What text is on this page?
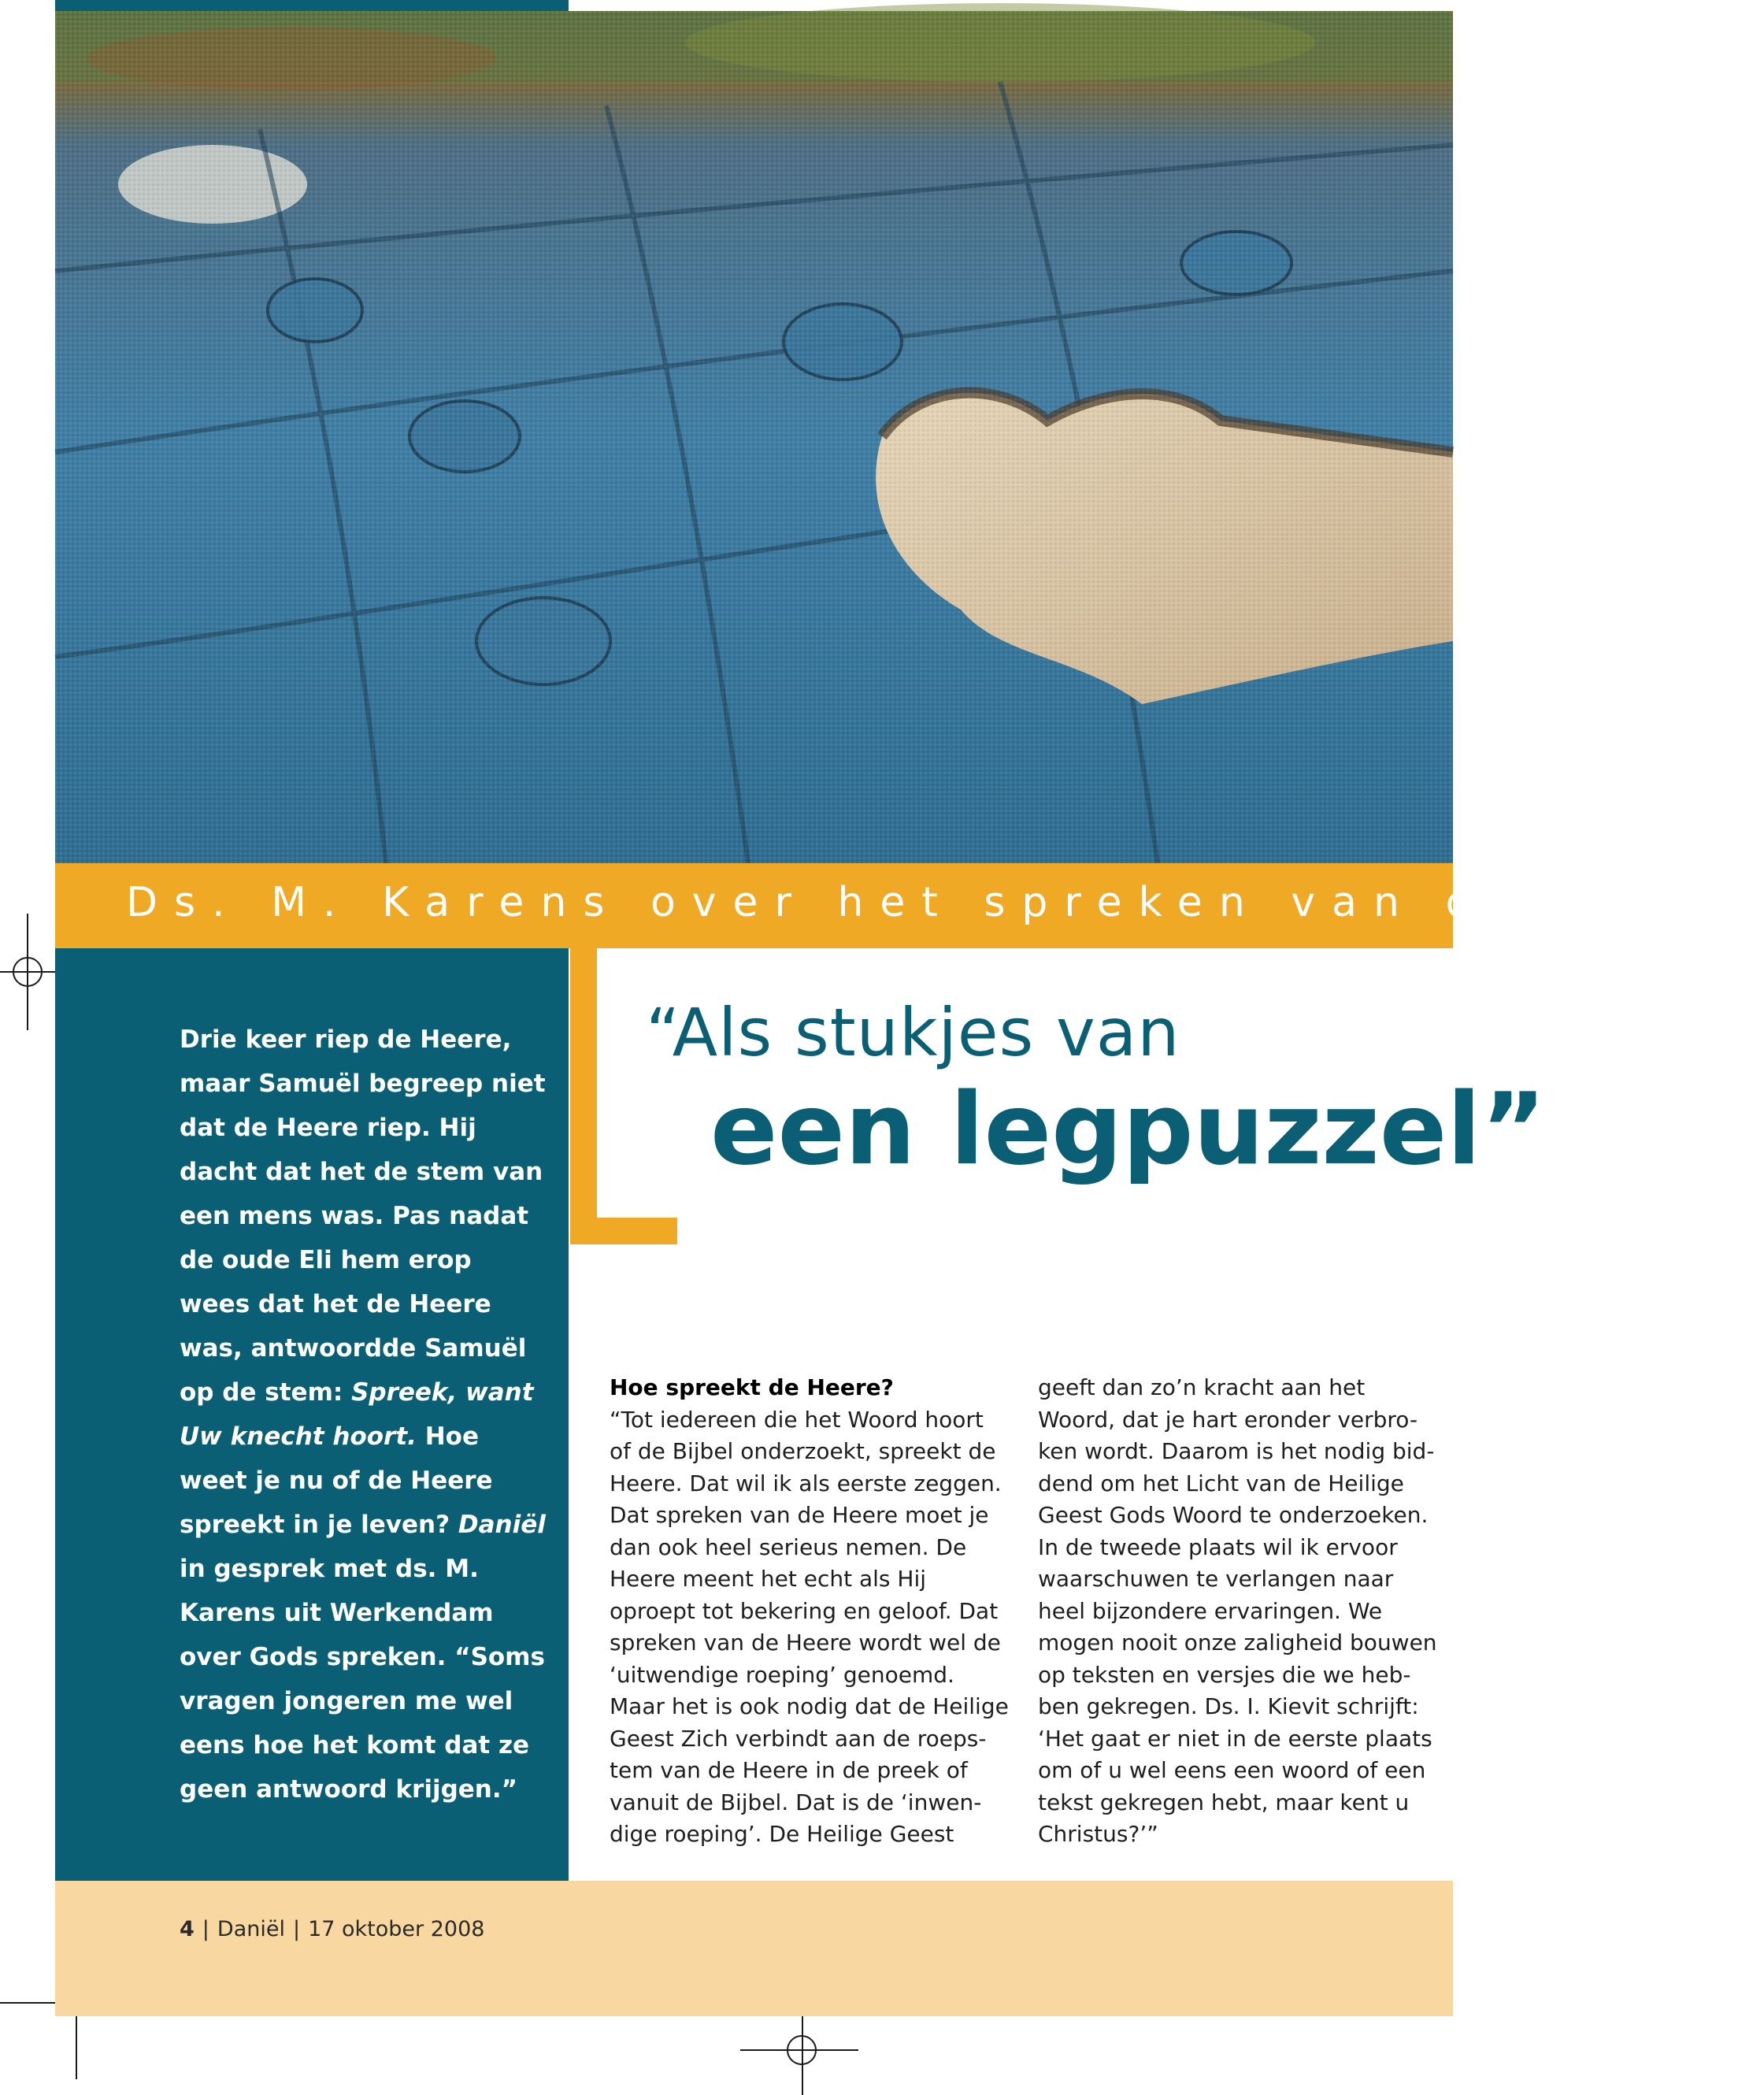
Ds. M. Karens over het spreken van de Heere
Drie keer riep de Heere, maar Samuël begreep niet dat de Heere riep. Hij dacht dat het de stem van een mens was. Pas nadat de oude Eli hem erop wees dat het de Heere was, antwoordde Samuël op de stem: Spreek, want Uw knecht hoort. Hoe weet je nu of de Heere spreekt in je leven? Daniël in gesprek met ds. M. Karens uit Werkendam over Gods spreken. “Soms vragen jongeren me wel eens hoe het komt dat ze geen antwoord krijgen.”
“Als stukjes van
een legpuzzel”
Hoe spreekt de Heere?
“Tot iedereen die het Woord hoort
of de Bijbel onderzoekt, spreekt de
Heere. Dat wil ik als eerste zeggen.
Dat spreken van de Heere moet je
dan ook heel serieus nemen. De
Heere meent het echt als Hij
oproept tot bekering en geloof. Dat
spreken van de Heere wordt wel de
‘uitwendige roeping’ genoemd.
Maar het is ook nodig dat de Heilige
Geest Zich verbindt aan de roeps-
tem van de Heere in de preek of
vanuit de Bijbel. Dat is de ‘inwen-
dige roeping’. De Heilige Geest
geeft dan zo’n kracht aan het
Woord, dat je hart eronder verbro-
ken wordt. Daarom is het nodig bid-
dend om het Licht van de Heilige
Geest Gods Woord te onderzoeken.
In de tweede plaats wil ik ervoor
waarschuwen te verlangen naar
heel bijzondere ervaringen. We
mogen nooit onze zaligheid bouwen
op teksten en versjes die we heb-
ben gekregen. Ds. I. Kievit schrijft:
‘Het gaat er niet in de eerste plaats
om of u wel eens een woord of een
tekst gekregen hebt, maar kent u
Christus?’”
4 | Daniël | 17 oktober 2008
